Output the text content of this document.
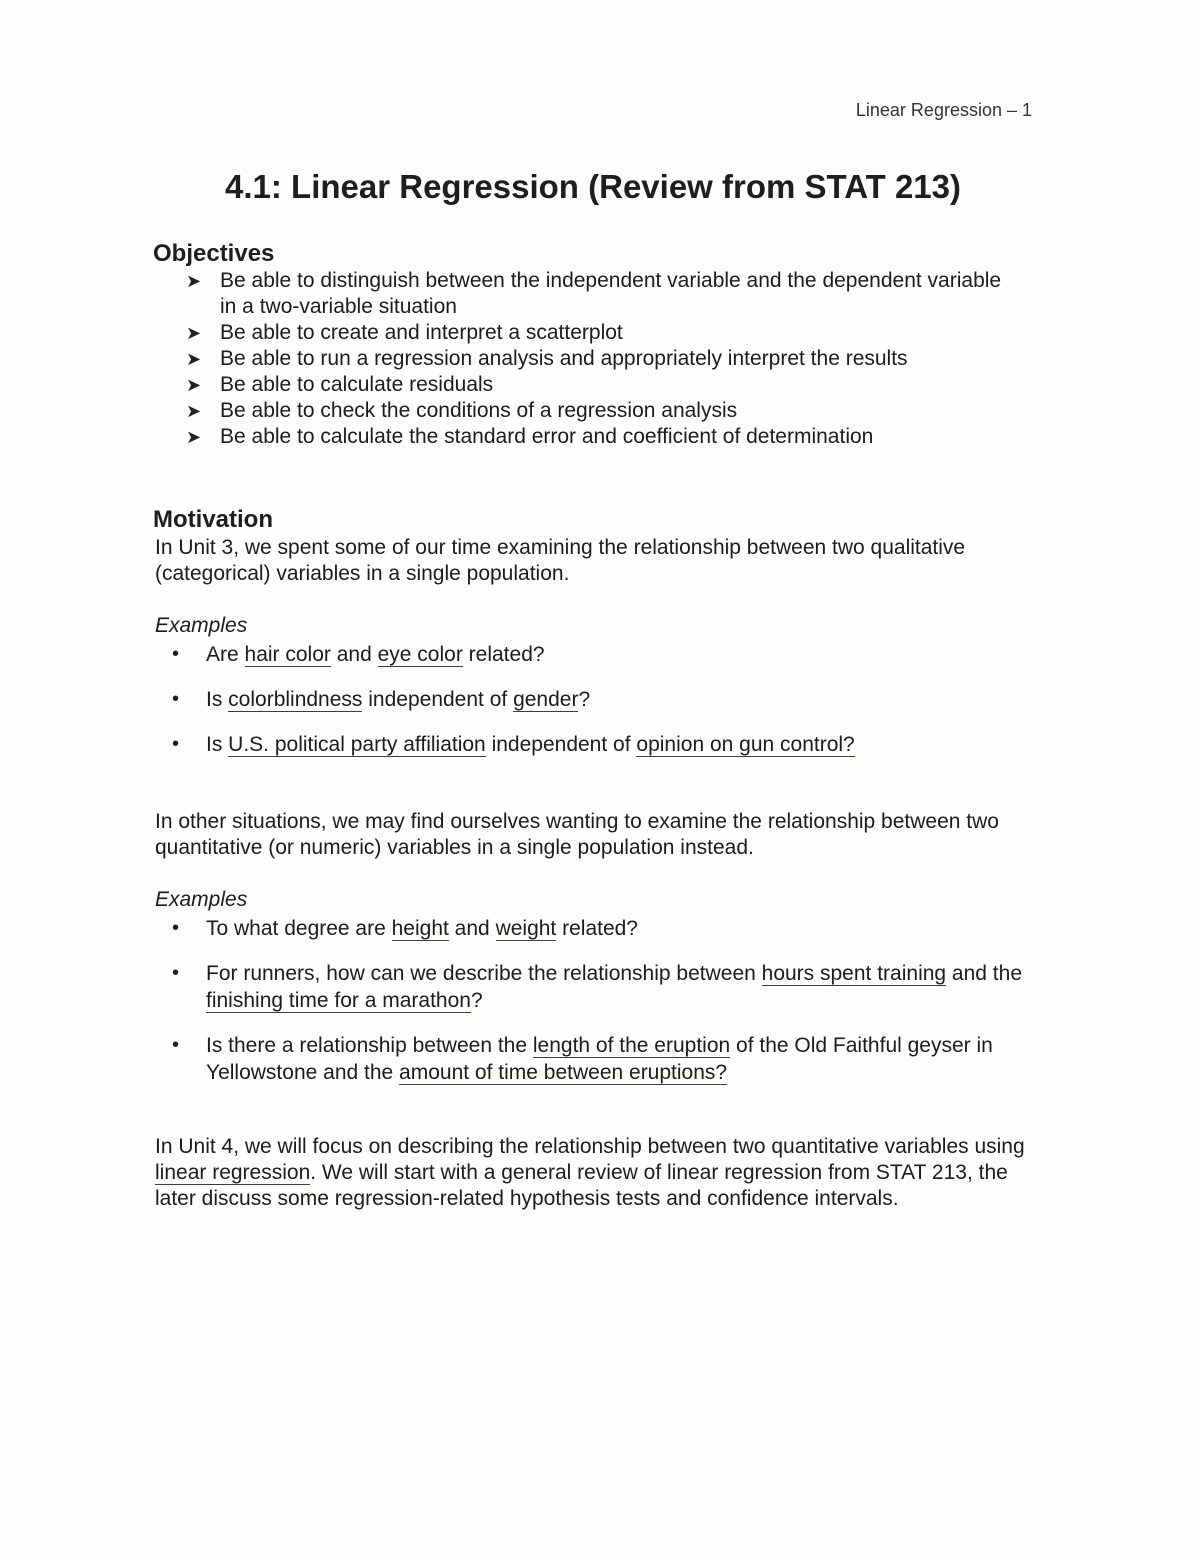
Linear Regression – 1
4.1: Linear Regression (Review from STAT 213)
Objectives
➤ Be able to distinguish between the independent variable and the dependent variable in a two-variable situation
➤ Be able to create and interpret a scatterplot
➤ Be able to run a regression analysis and appropriately interpret the results
➤ Be able to calculate residuals
➤ Be able to check the conditions of a regression analysis
➤ Be able to calculate the standard error and coefficient of determination
Motivation

In Unit 3, we spent some of our time examining the relationship between two qualitative (categorical) variables in a single population.

Examples

• Are hair color and eye color related?
• Is colorblindness independent of gender?
• Is U.S. political party affiliation independent of opinion on gun control?

In other situations, we may find ourselves wanting to examine the relationship between two quantitative (or numeric) variables in a single population instead.

Examples

• To what degree are height and weight related?
• For runners, how can we describe the relationship between hours spent training and the finishing time for a marathon?
• Is there a relationship between the length of the eruption of the Old Faithful geyser in Yellowstone and the amount of time between eruptions?

In Unit 4, we will focus on describing the relationship between two quantitative variables using linear regression. We will start with a general review of linear regression from STAT 213, the later discuss some regression-related hypothesis tests and confidence intervals.
